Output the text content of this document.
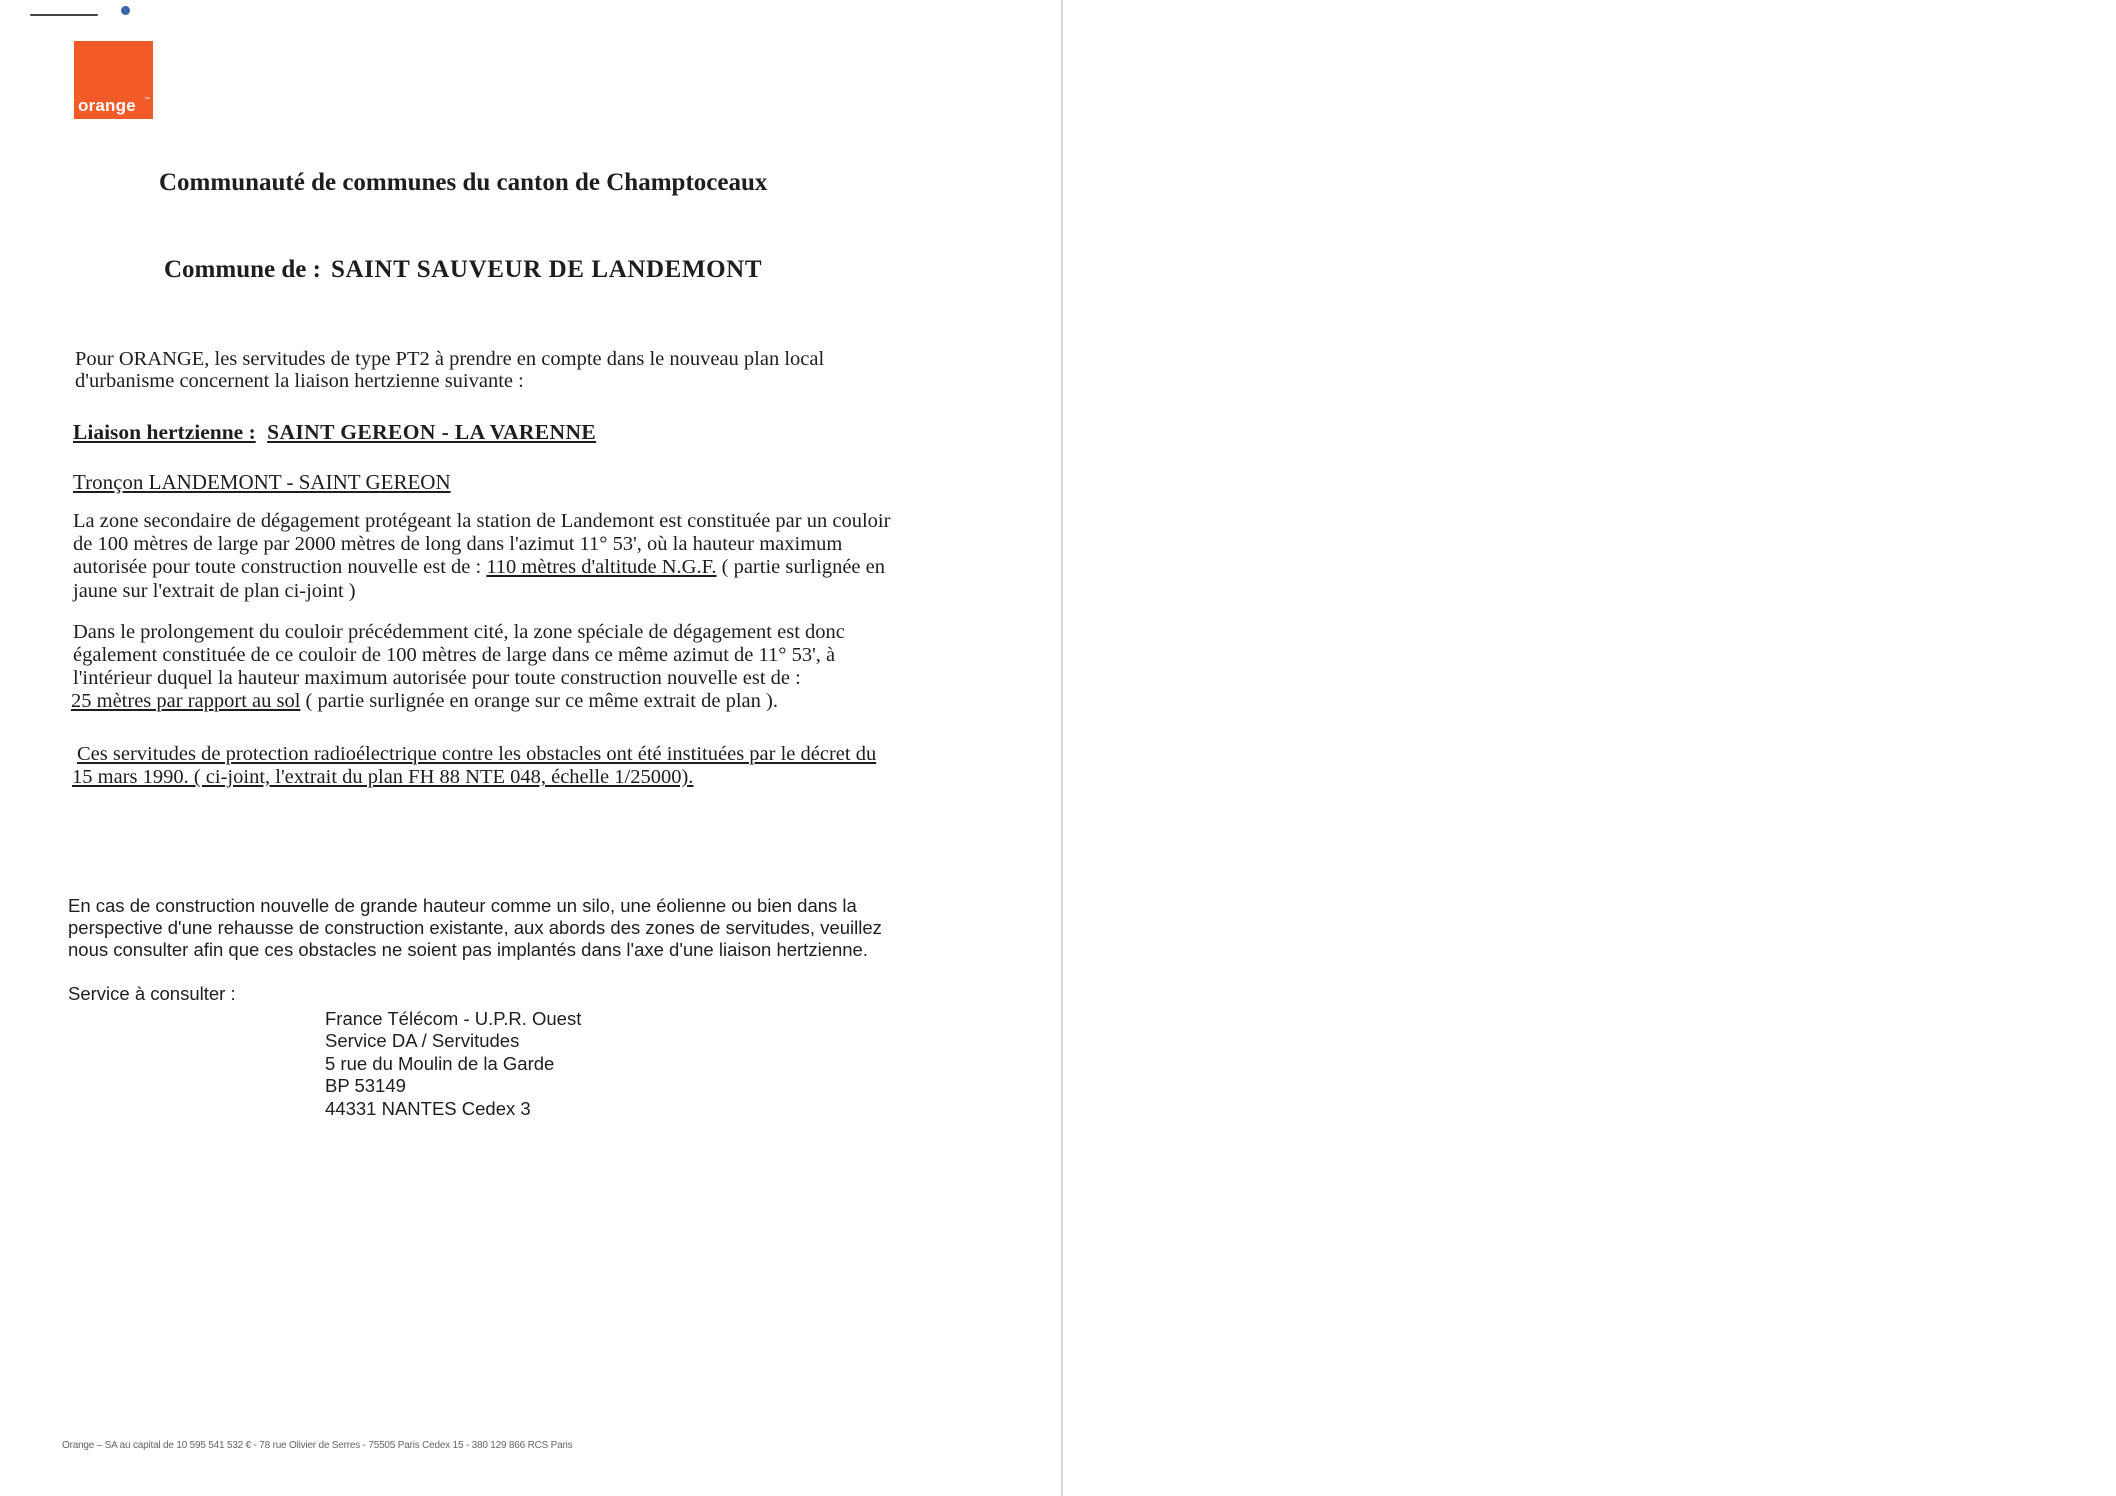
orange ™
Communauté de communes du canton de Champtoceaux
Commune de : SAINT SAUVEUR DE LANDEMONT
Pour ORANGE, les servitudes de type PT2 à prendre en compte dans le nouveau plan local
d'urbanisme concernent la liaison hertzienne suivante :
Liaison hertzienne : SAINT GEREON - LA VARENNE
Tronçon LANDEMONT - SAINT GEREON
La zone secondaire de dégagement protégeant la station de Landemont est constituée par un couloir
de 100 mètres de large par 2000 mètres de long dans l'azimut 11° 53', où la hauteur maximum
autorisée pour toute construction nouvelle est de : 110 mètres d'altitude N.G.F. ( partie surlignée en
jaune sur l'extrait de plan ci-joint )
Dans le prolongement du couloir précédemment cité, la zone spéciale de dégagement est donc
également constituée de ce couloir de 100 mètres de large dans ce même azimut de 11° 53', à
l'intérieur duquel la hauteur maximum autorisée pour toute construction nouvelle est de :
25 mètres par rapport au sol ( partie surlignée en orange sur ce même extrait de plan ).
Ces servitudes de protection radioélectrique contre les obstacles ont été instituées par le décret du
15 mars 1990. ( ci-joint, l'extrait du plan FH 88 NTE 048, échelle 1/25000).
En cas de construction nouvelle de grande hauteur comme un silo, une éolienne ou bien dans la
perspective d'une rehausse de construction existante, aux abords des zones de servitudes, veuillez
nous consulter afin que ces obstacles ne soient pas implantés dans l'axe d'une liaison hertzienne.
Service à consulter :
France Télécom - U.P.R. Ouest
Service DA / Servitudes
5 rue du Moulin de la Garde
BP 53149
44331 NANTES Cedex 3
Orange – SA au capital de 10 595 541 532 € - 78 rue Olivier de Serres - 75505 Paris Cedex 15 - 380 129 866 RCS Paris
